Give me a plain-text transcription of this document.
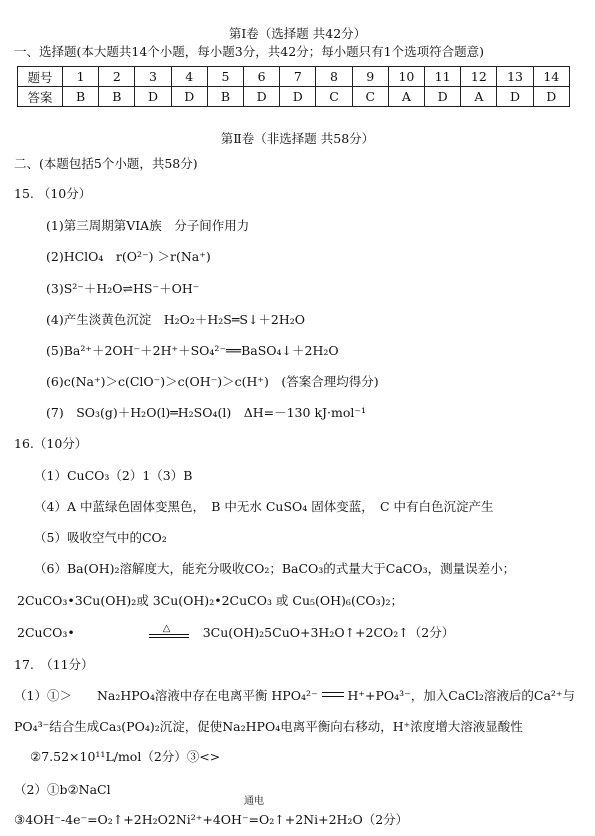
第Ⅰ卷（选择题 共42分）
一、选择题(本大题共14个小题，每小题3分，共42分；每小题只有1个选项符合题意)
题号	1	2	3	4	5	6	7	8	9	10	11	12	13	14
答案	B	B	D	D	B	D	D	C	C	A	D	A	D	D
第Ⅱ卷（非选择题 共58分）
二、(本题包括5个小题，共58分)
15. （10分）
(1)第三周期第VIA族　分子间作用力
(2)HClO₄　r(O²⁻) ＞r(Na⁺)
(3)S²⁻＋H₂O⇌HS⁻＋OH⁻
(4)产生淡黄色沉淀　H₂O₂＋H₂S═S↓＋2H₂O
(5)Ba²⁺＋2OH⁻＋2H⁺＋SO₄²⁻══BaSO₄↓＋2H₂O
(6)c(Na⁺)＞c(ClO⁻)＞c(OH⁻)＞c(H⁺)　(答案合理均得分)
(7)　SO₃(g)＋H₂O(l)═H₂SO₄(l)　ΔH=－130 kJ·mol⁻¹
16.（10分）
（1）CuCO₃（2）1（3）B
（4）A 中蓝绿色固体变黑色，　B 中无水 CuSO₄ 固体变蓝，　C 中有白色沉淀产生
（5）吸收空气中的CO₂
（6）Ba(OH)₂溶解度大，能充分吸收CO₂；BaCO₃的式量大于CaCO₃，测量误差小；
2CuCO₃•3Cu(OH)₂或 3Cu(OH)₂•2CuCO₃ 或 Cu₅(OH)₆(CO₃)₂；
2CuCO₃•	△	3Cu(OH)₂5CuO+3H₂O↑+2CO₂↑（2分）
17.　（11分）
（1）①＞　　Na₂HPO₄溶液中存在电离平衡 HPO₄²⁻  H⁺+PO₄³⁻，加入CaCl₂溶液后的Ca²⁺与
PO₄³⁻结合生成Ca₃(PO₄)₂沉淀，促使Na₂HPO₄电离平衡向右移动，H⁺浓度增大溶液显酸性
②7.52×10¹¹L/mol（2分）③<>
（2）①b②NaCl
通电
③4OH⁻-4e⁻=O₂↑+2H₂O2Ni²⁺+4OH⁻=O₂↑+2Ni+2H₂O（2分）
